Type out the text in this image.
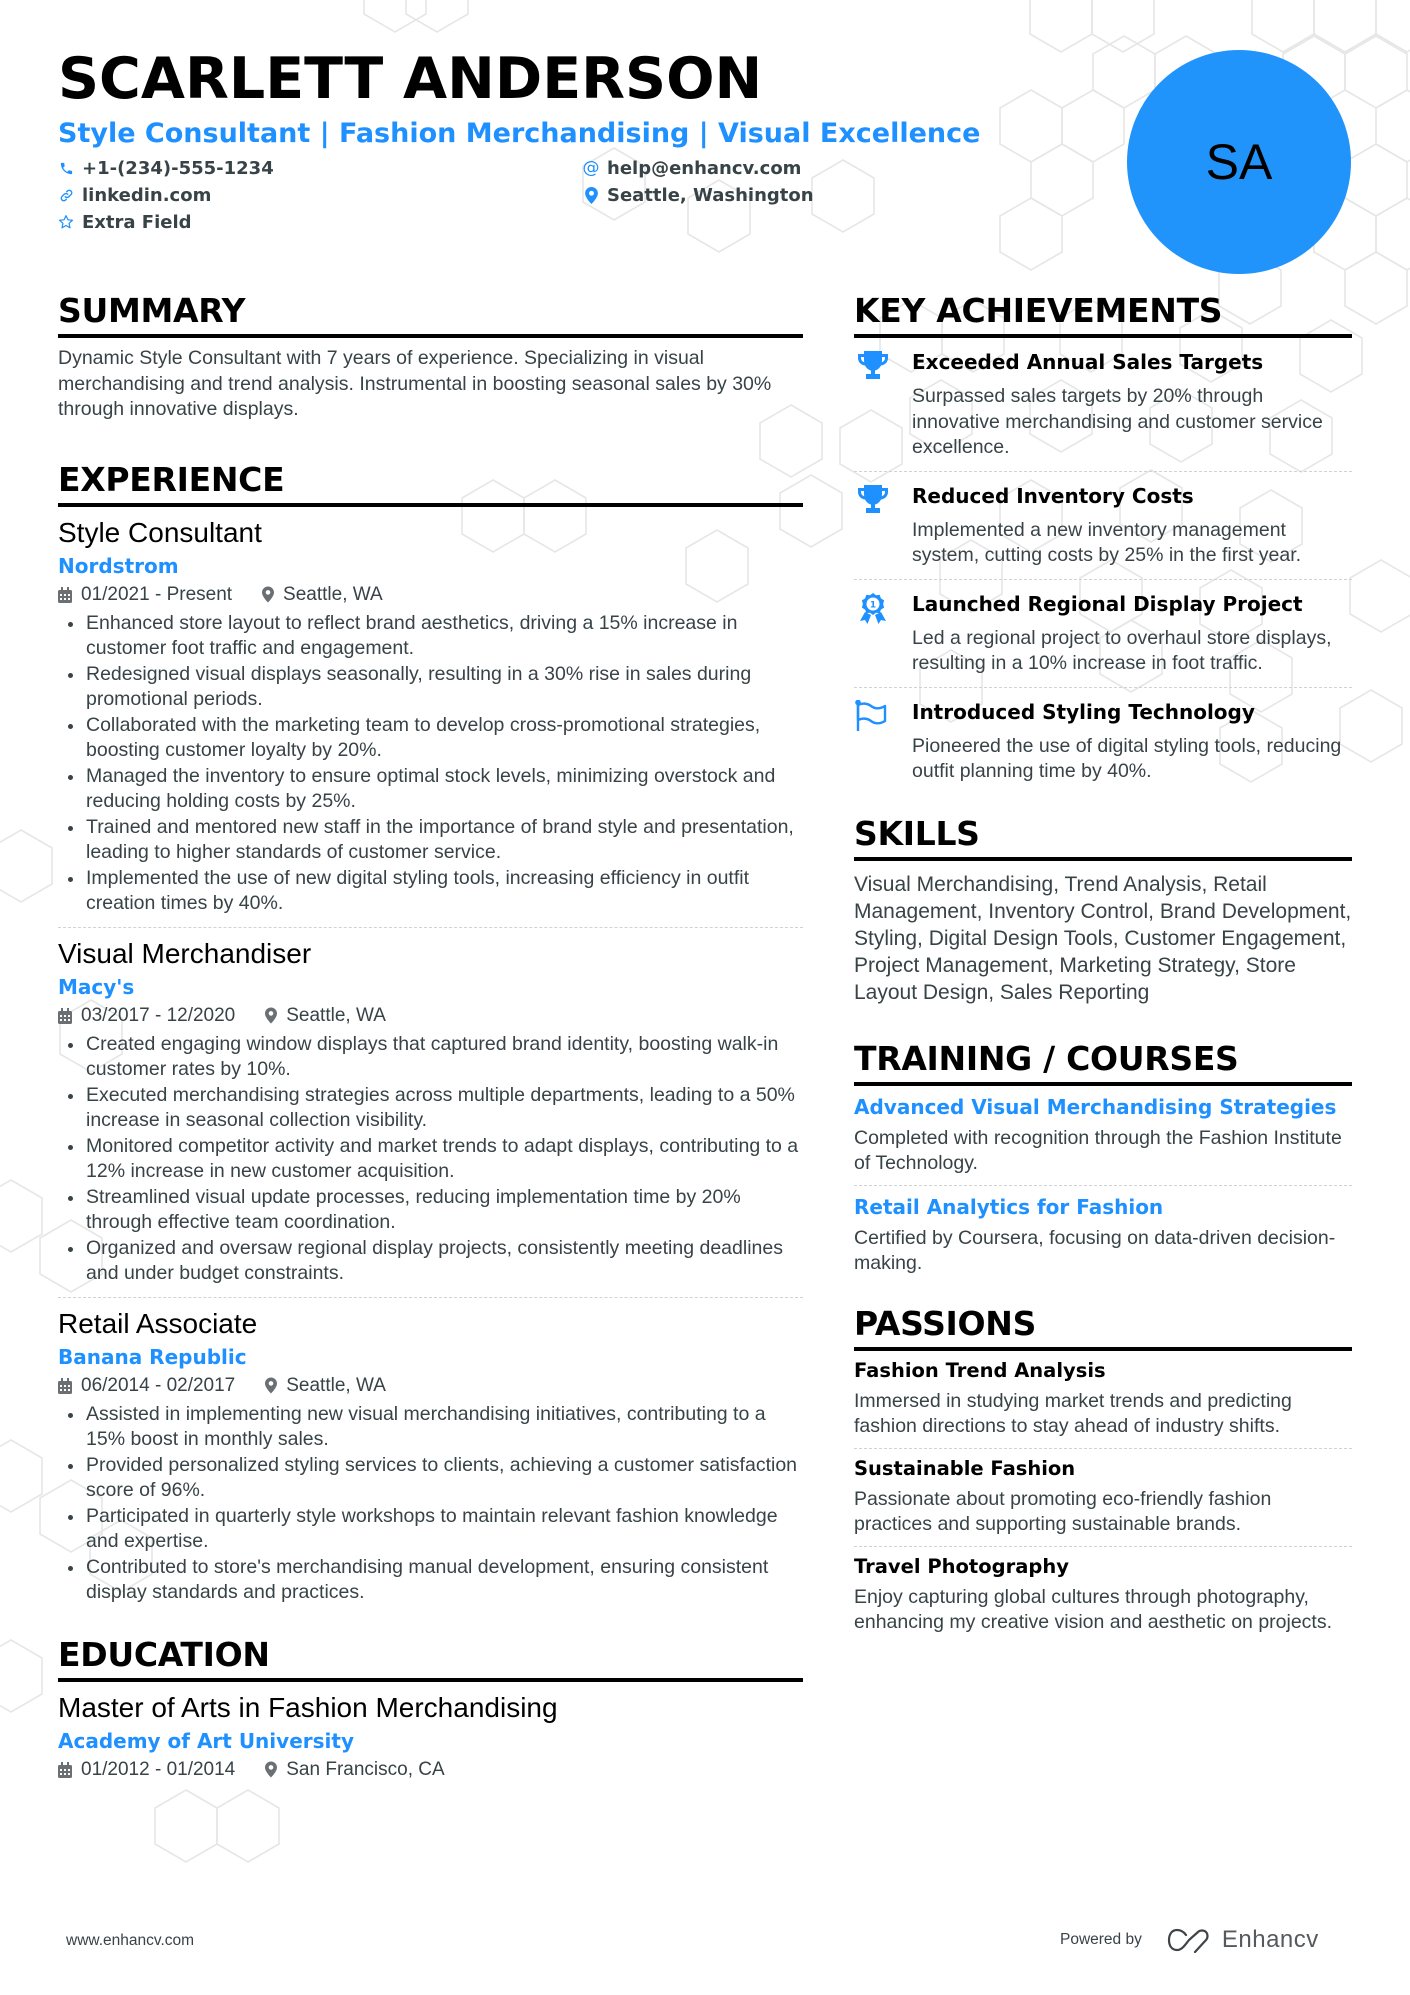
SCARLETT ANDERSON
Style Consultant | Fashion Merchandising | Visual Excellence
+1-(234)-555-1234	@ help@enhancv.com
linkedin.com	Seattle, Washington
Extra Field
SA
SUMMARY

Dynamic Style Consultant with 7 years of experience. Specializing in visual merchandising and trend analysis. Instrumental in boosting seasonal sales by 30% through innovative displays.

EXPERIENCE
Style Consultant
Nordstrom
01/2021 - Present	Seattle, WA
Enhanced store layout to reflect brand aesthetics, driving a 15% increase in customer foot traffic and engagement.
Redesigned visual displays seasonally, resulting in a 30% rise in sales during promotional periods.
Collaborated with the marketing team to develop cross-promotional strategies, boosting customer loyalty by 20%.
Managed the inventory to ensure optimal stock levels, minimizing overstock and reducing holding costs by 25%.
Trained and mentored new staff in the importance of brand style and presentation, leading to higher standards of customer service.
Implemented the use of new digital styling tools, increasing efficiency in outfit creation times by 40%.
Visual Merchandiser
Macy's
03/2017 - 12/2020	Seattle, WA
Created engaging window displays that captured brand identity, boosting walk-in customer rates by 10%.
Executed merchandising strategies across multiple departments, leading to a 50% increase in seasonal collection visibility.
Monitored competitor activity and market trends to adapt displays, contributing to a 12% increase in new customer acquisition.
Streamlined visual update processes, reducing implementation time by 20% through effective team coordination.
Organized and oversaw regional display projects, consistently meeting deadlines and under budget constraints.
Retail Associate
Banana Republic
06/2014 - 02/2017	Seattle, WA
Assisted in implementing new visual merchandising initiatives, contributing to a 15% boost in monthly sales.
Provided personalized styling services to clients, achieving a customer satisfaction score of 96%.
Participated in quarterly style workshops to maintain relevant fashion knowledge and expertise.
Contributed to store's merchandising manual development, ensuring consistent display standards and practices.
EDUCATION
Master of Arts in Fashion Merchandising
Academy of Art University
01/2012 - 01/2014	San Francisco, CA
KEY ACHIEVEMENTS
Exceeded Annual Sales Targets
Surpassed sales targets by 20% through innovative merchandising and customer service excellence.
Reduced Inventory Costs
Implemented a new inventory management system, cutting costs by 25% in the first year.
1 Launched Regional Display Project
Led a regional project to overhaul store displays, resulting in a 10% increase in foot traffic.
Introduced Styling Technology
Pioneered the use of digital styling tools, reducing outfit planning time by 40%.
SKILLS

Visual Merchandising, Trend Analysis, Retail Management, Inventory Control, Brand Development, Styling, Digital Design Tools, Customer Engagement, Project Management, Marketing Strategy, Store Layout Design, Sales Reporting

TRAINING / COURSES
Advanced Visual Merchandising Strategies
Completed with recognition through the Fashion Institute of Technology.
Retail Analytics for Fashion
Certified by Coursera, focusing on data-driven decision-making.
PASSIONS
Fashion Trend Analysis
Immersed in studying market trends and predicting fashion directions to stay ahead of industry shifts.
Sustainable Fashion
Passionate about promoting eco-friendly fashion practices and supporting sustainable brands.
Travel Photography
Enjoy capturing global cultures through photography, enhancing my creative vision and aesthetic on projects.
www.enhancv.com	Powered by	Enhancv
